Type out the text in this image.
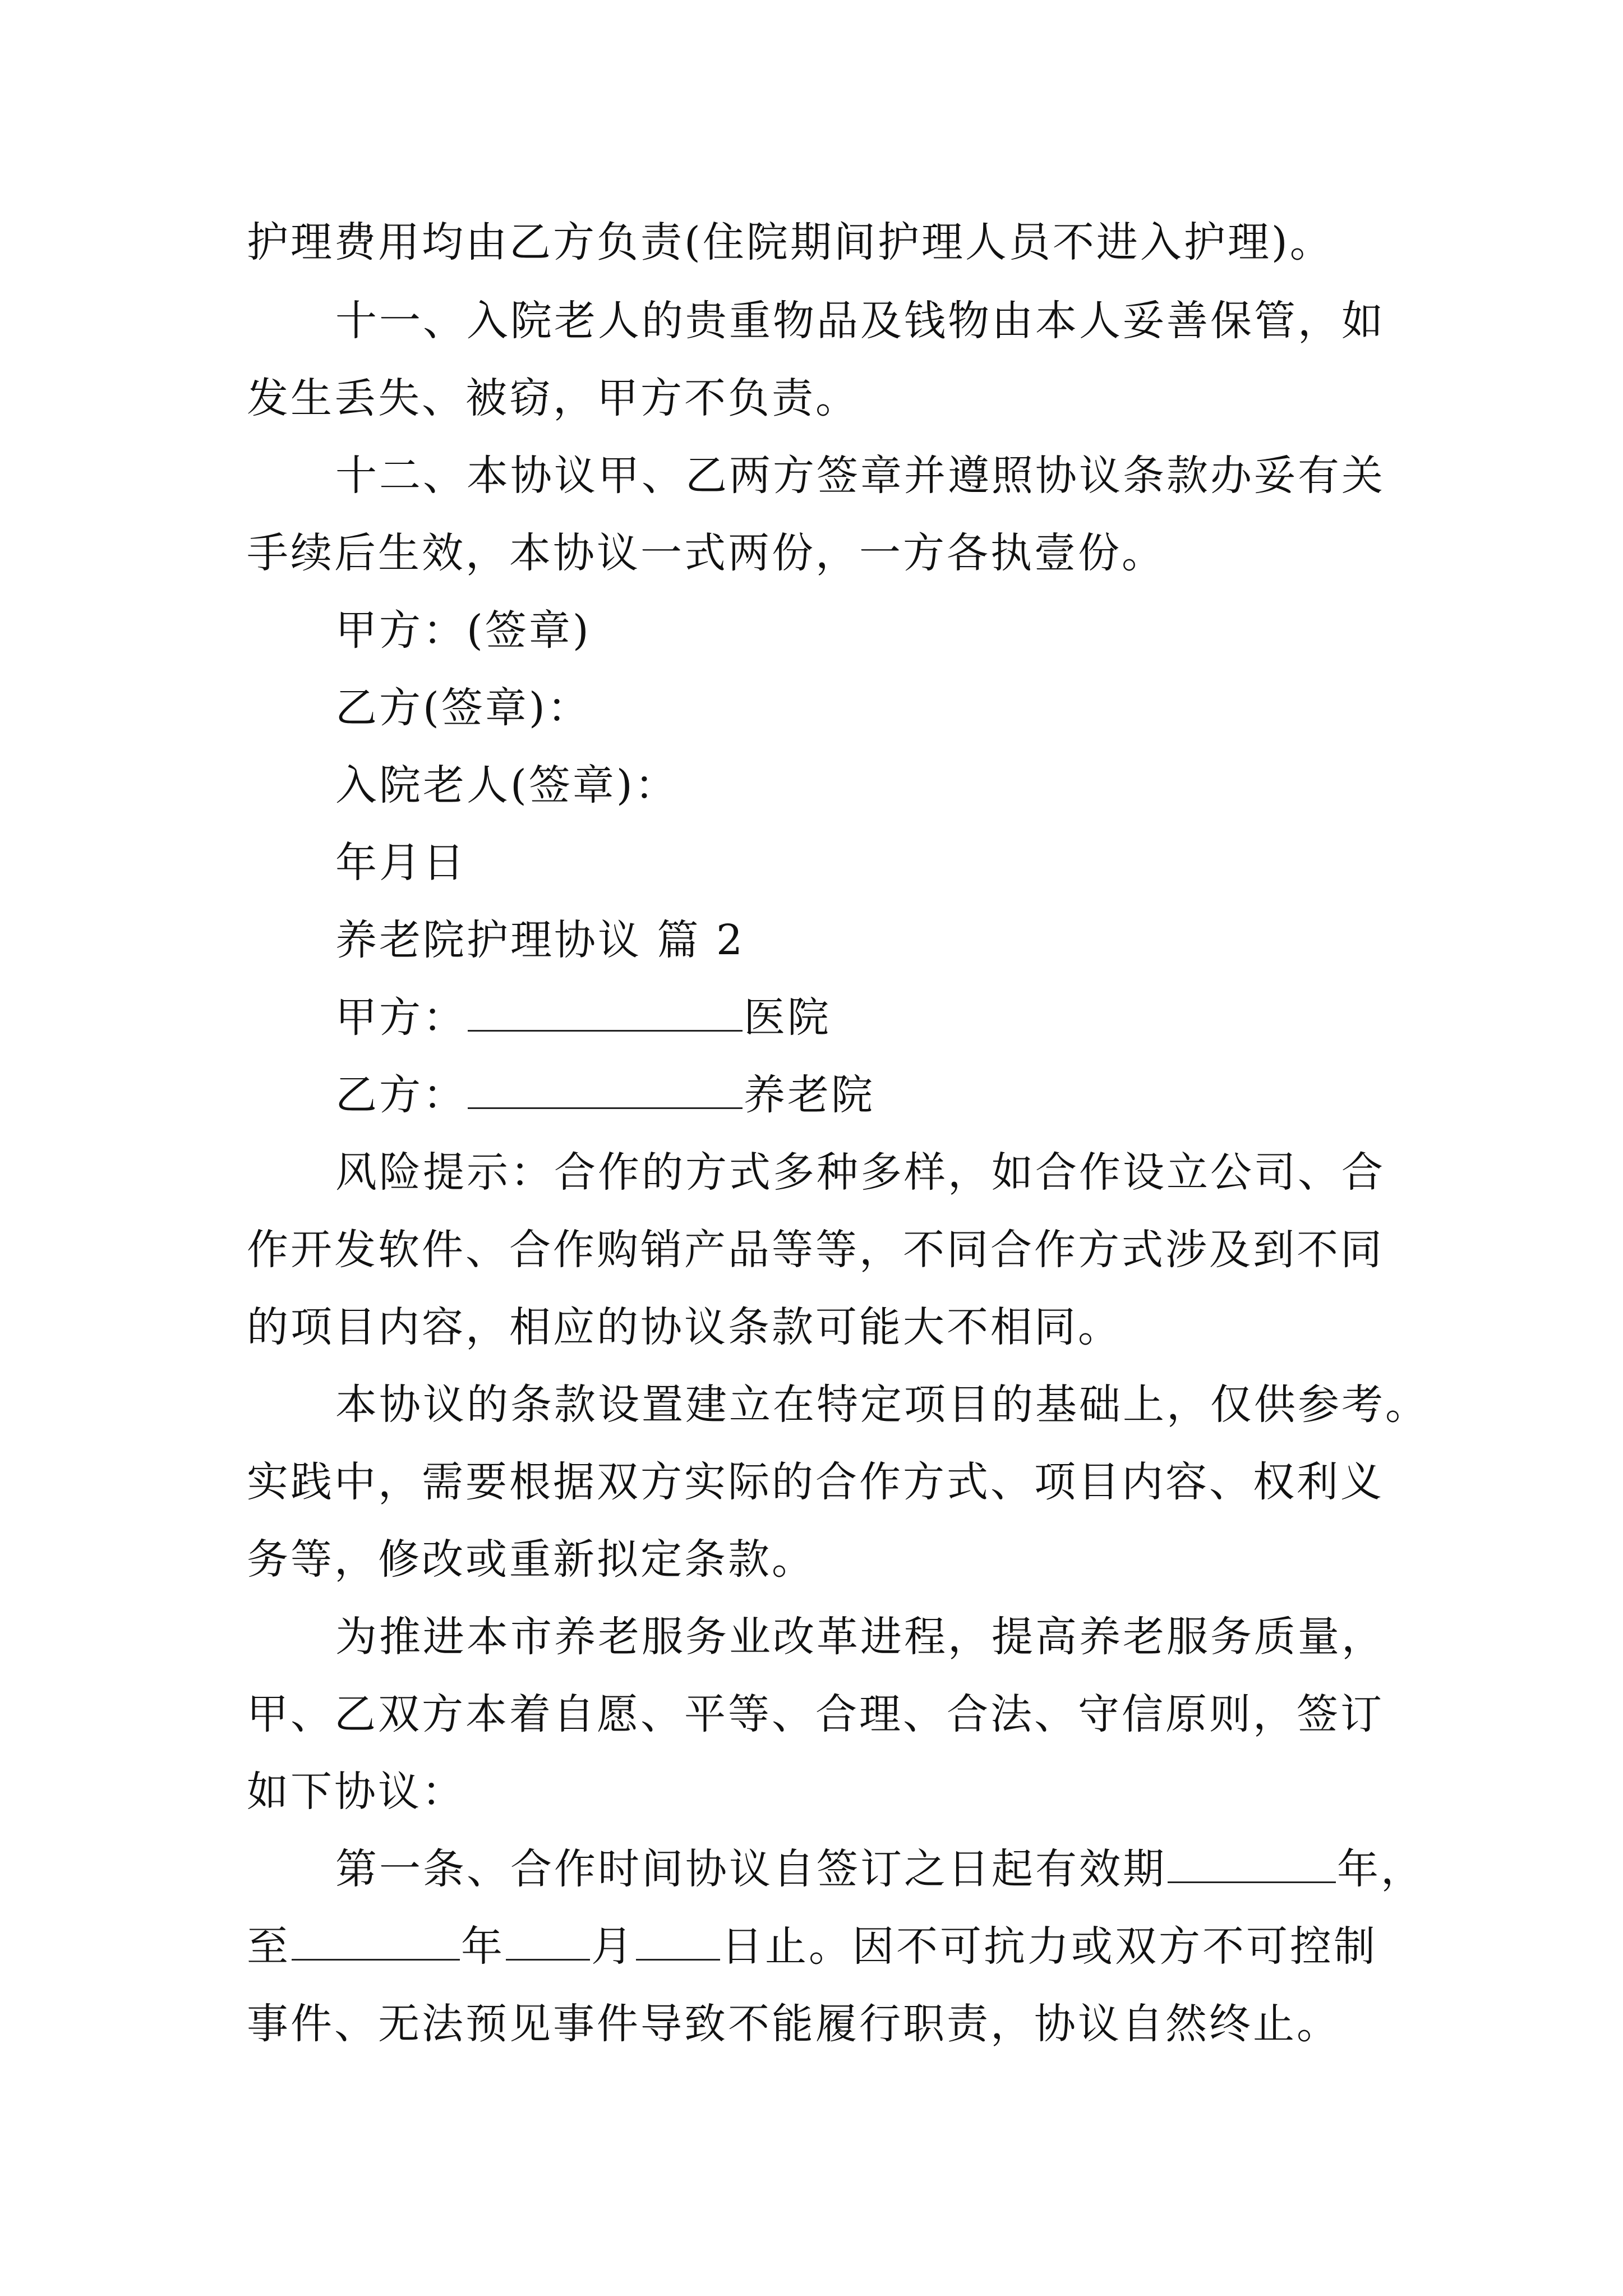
护理费用均由乙方负责(住院期间护理人员不进入护理)。
十一、入院老人的贵重物品及钱物由本人妥善保管，如
发生丢失、被窃，甲方不负责。
十二、本协议甲、乙两方签章并遵照协议条款办妥有关
手续后生效，本协议一式两份，一方各执壹份。
甲方：(签章)
乙方(签章)：
入院老人(签章)：
年月日
养老院护理协议 篇 2
甲方：	医院
乙方：	养老院
风险提示：合作的方式多种多样，如合作设立公司、合
作开发软件、合作购销产品等等，不同合作方式涉及到不同
的项目内容，相应的协议条款可能大不相同。
本协议的条款设置建立在特定项目的基础上，仅供参考。
实践中，需要根据双方实际的合作方式、项目内容、权利义
务等，修改或重新拟定条款。
为推进本市养老服务业改革进程，提高养老服务质量，
甲、乙双方本着自愿、平等、合理、合法、守信原则，签订
如下协议：
第一条、合作时间协议自签订之日起有效期	年，
至	年 月 日止。因不可抗力或双方不可控制
事件、无法预见事件导致不能履行职责，协议自然终止。
